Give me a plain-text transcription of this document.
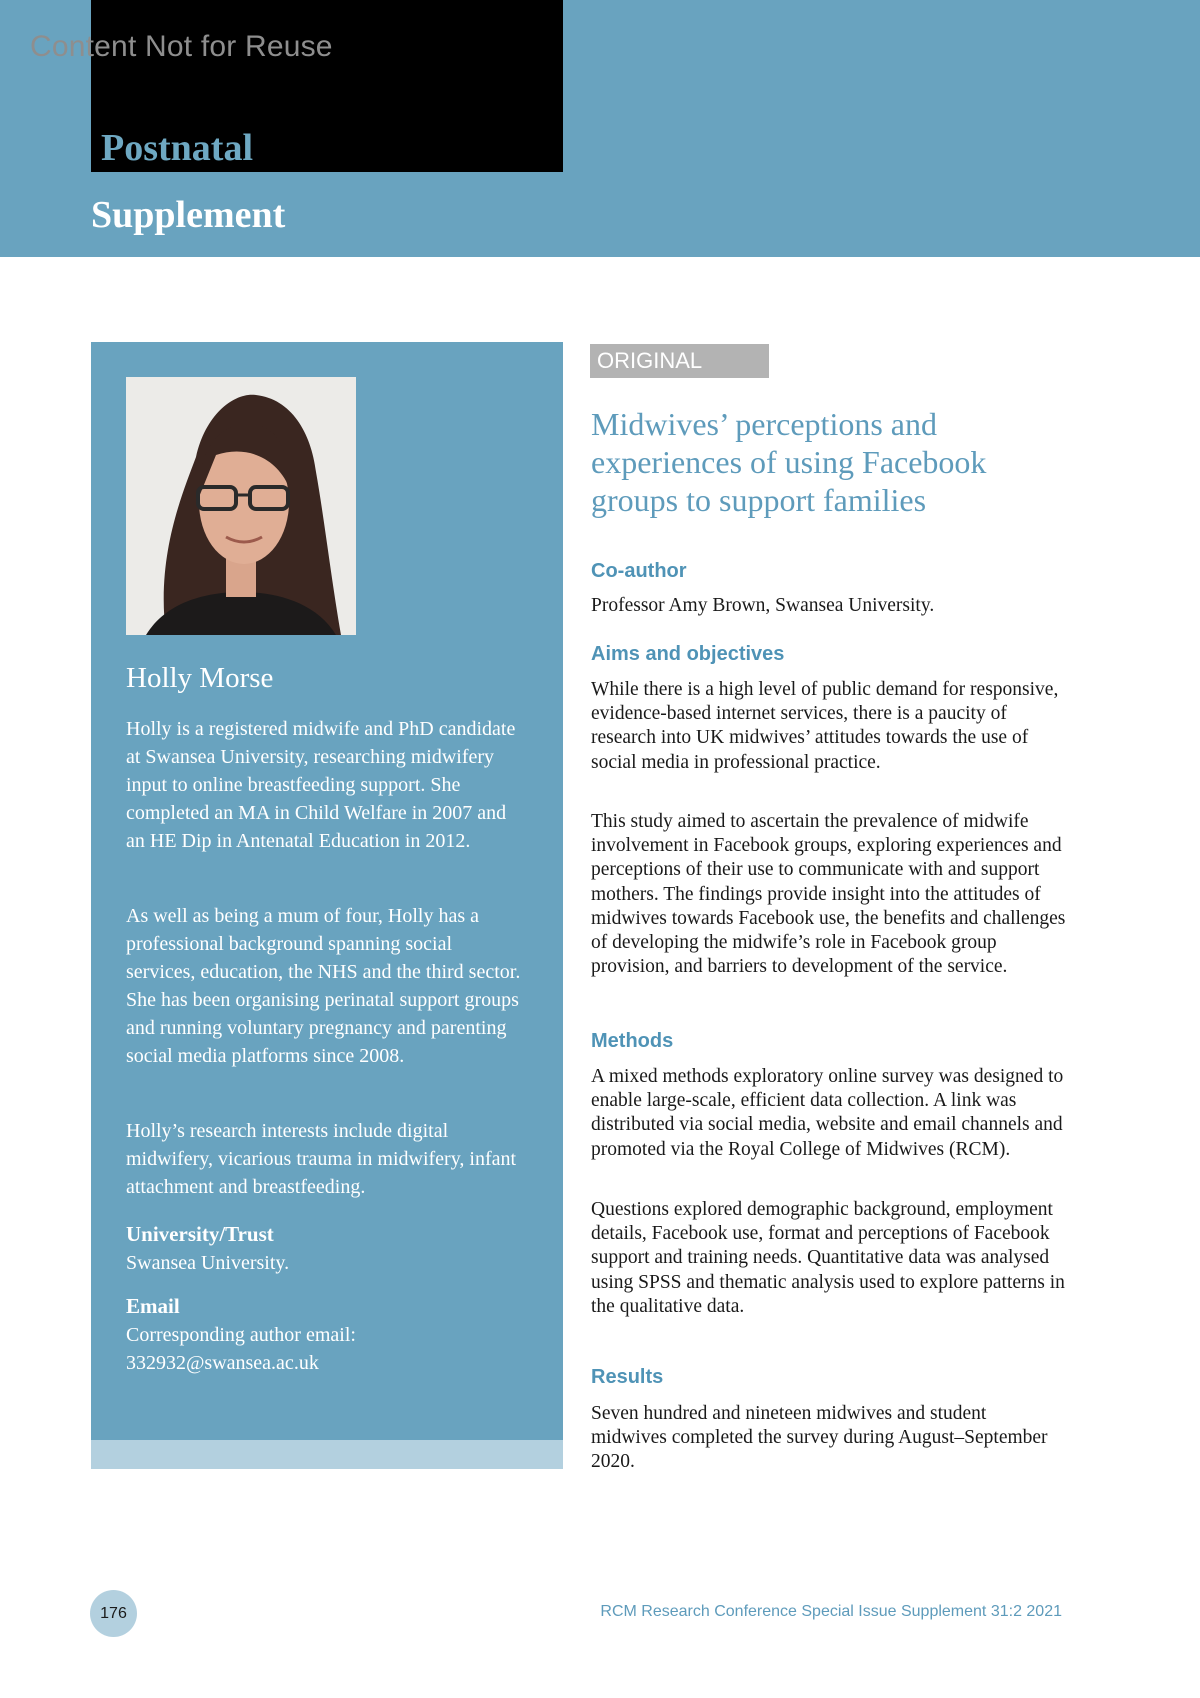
Content Not for Reuse
Postnatal
Supplement
Holly Morse

Holly is a registered midwife and PhD candidate at Swansea University, researching midwifery input to online breastfeeding support. She completed an MA in Child Welfare in 2007 and an HE Dip in Antenatal Education in 2012.

As well as being a mum of four, Holly has a professional background spanning social services, education, the NHS and the third sector. She has been organising perinatal support groups and running voluntary pregnancy and parenting social media platforms since 2008.

Holly’s research interests include digital midwifery, vicarious trauma in midwifery, infant attachment and breastfeeding.

University/Trust
Swansea University.
Email
Corresponding author email:
332932@swansea.ac.uk
ORIGINAL
Midwives’ perceptions and experiences of using Facebook groups to support families
Co-author

Professor Amy Brown, Swansea University.

Aims and objectives

While there is a high level of public demand for responsive, evidence-based internet services, there is a paucity of research into UK midwives’ attitudes towards the use of social media in professional practice.

This study aimed to ascertain the prevalence of midwife involvement in Facebook groups, exploring experiences and perceptions of their use to communicate with and support mothers. The findings provide insight into the attitudes of midwives towards Facebook use, the benefits and challenges of developing the midwife’s role in Facebook group provision, and barriers to development of the service.

Methods

A mixed methods exploratory online survey was designed to enable large-scale, efficient data collection. A link was distributed via social media, website and email channels and promoted via the Royal College of Midwives (RCM).

Questions explored demographic background, employment details, Facebook use, format and perceptions of Facebook support and training needs. Quantitative data was analysed using SPSS and thematic analysis used to explore patterns in the qualitative data.

Results

Seven hundred and nineteen midwives and student midwives completed the survey during August–September 2020.

176	RCM Research Conference Special Issue Supplement 31:2 2021
